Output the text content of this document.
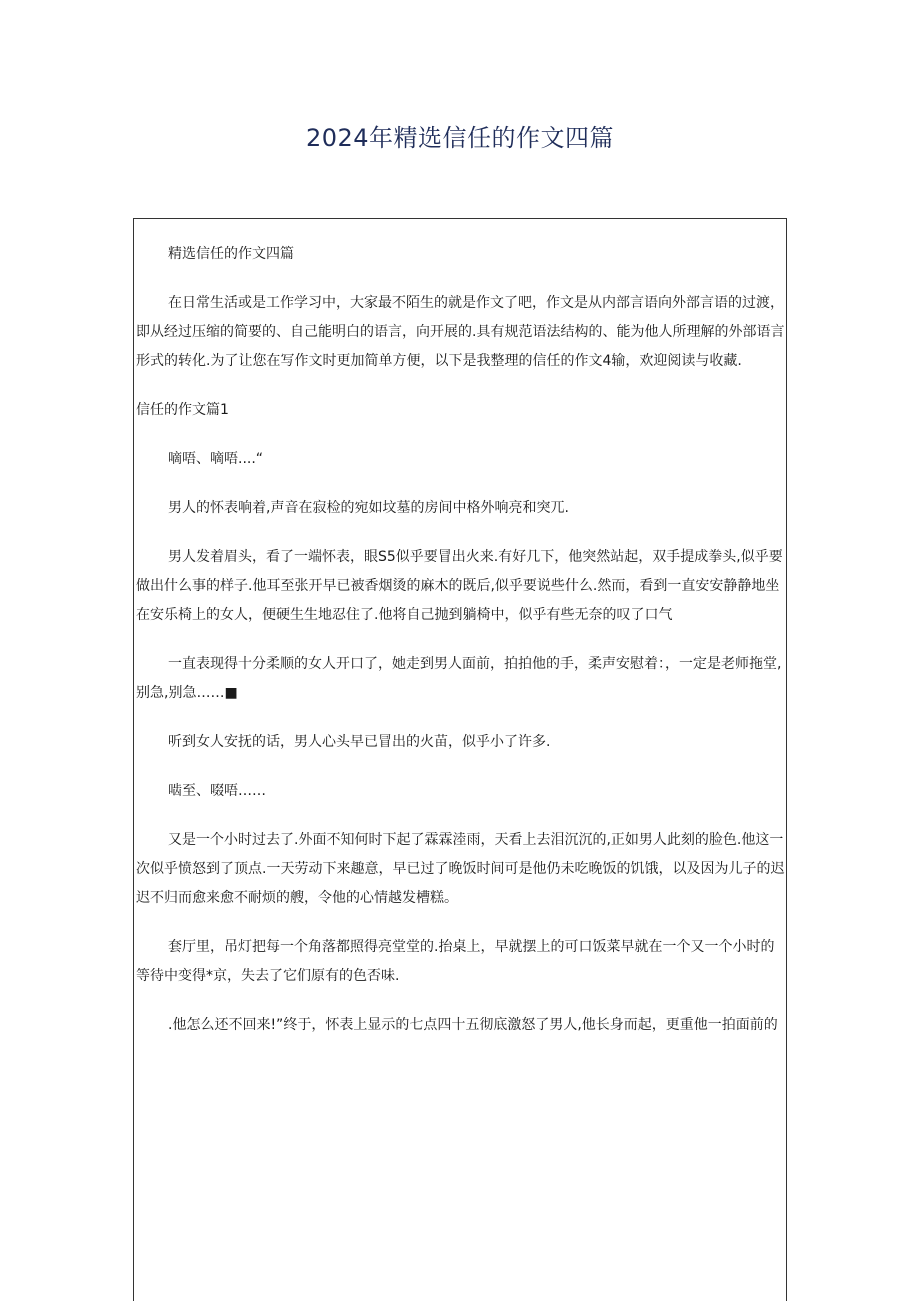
2024年精选信任的作文四篇

精选信任的作文四篇

在日常生活或是工作学习中，大家最不陌生的就是作文了吧，作文是从内部言语向外部言语的过渡，即从经过压缩的简要的、自己能明白的语言，向开展的.具有规范语法结构的、能为他人所理解的外部语言形式的转化.为了让您在写作文时更加简单方便，以下是我整理的信任的作文4输，欢迎阅读与收藏.

信任的作文篇1

嘀唔、嘀唔....“

男人的怀表响着,声音在寂检的宛如坟墓的房间中格外响亮和突兀.

男人发着眉头，看了一端怀表，眼S5似乎要冒出火来.有好几下，他突然站起，双手提成拳头,似乎要做出什么事的样子.他耳至张开早已被香烟烫的麻木的既后,似乎要说些什么.然而，看到一直安安静静地坐在安乐椅上的女人，便硬生生地忍住了.他将自己抛到躺椅中，似乎有些无奈的叹了口气

一直表现得十分柔顺的女人开口了，她走到男人面前，拍拍他的手，柔声安慰着：，一定是老师拖堂,别急,别急……■

听到女人安抚的话，男人心头早已冒出的火苗，似乎小了许多.

啮至、啜唔……

又是一个小时过去了.外面不知何时下起了霖霖淕雨，天看上去泪沉沉的,正如男人此刻的脸色.他这一次似乎愤怒到了顶点.一天劳动下来趣意，早已过了晚饭时间可是他仍未吃晚饭的饥饿，以及因为儿子的迟迟不归而愈来愈不耐烦的艘，令他的心情越发槽糕。

套厅里，吊灯把每一个角落都照得亮堂堂的.抬桌上，早就摆上的可口饭菜早就在一个又一个小时的等待中变得*京，失去了它们原有的色否味.

.他怎么还不回来!”终于，怀表上显示的七点四十五彻底激怒了男人,他长身而起，更重他一拍面前的
